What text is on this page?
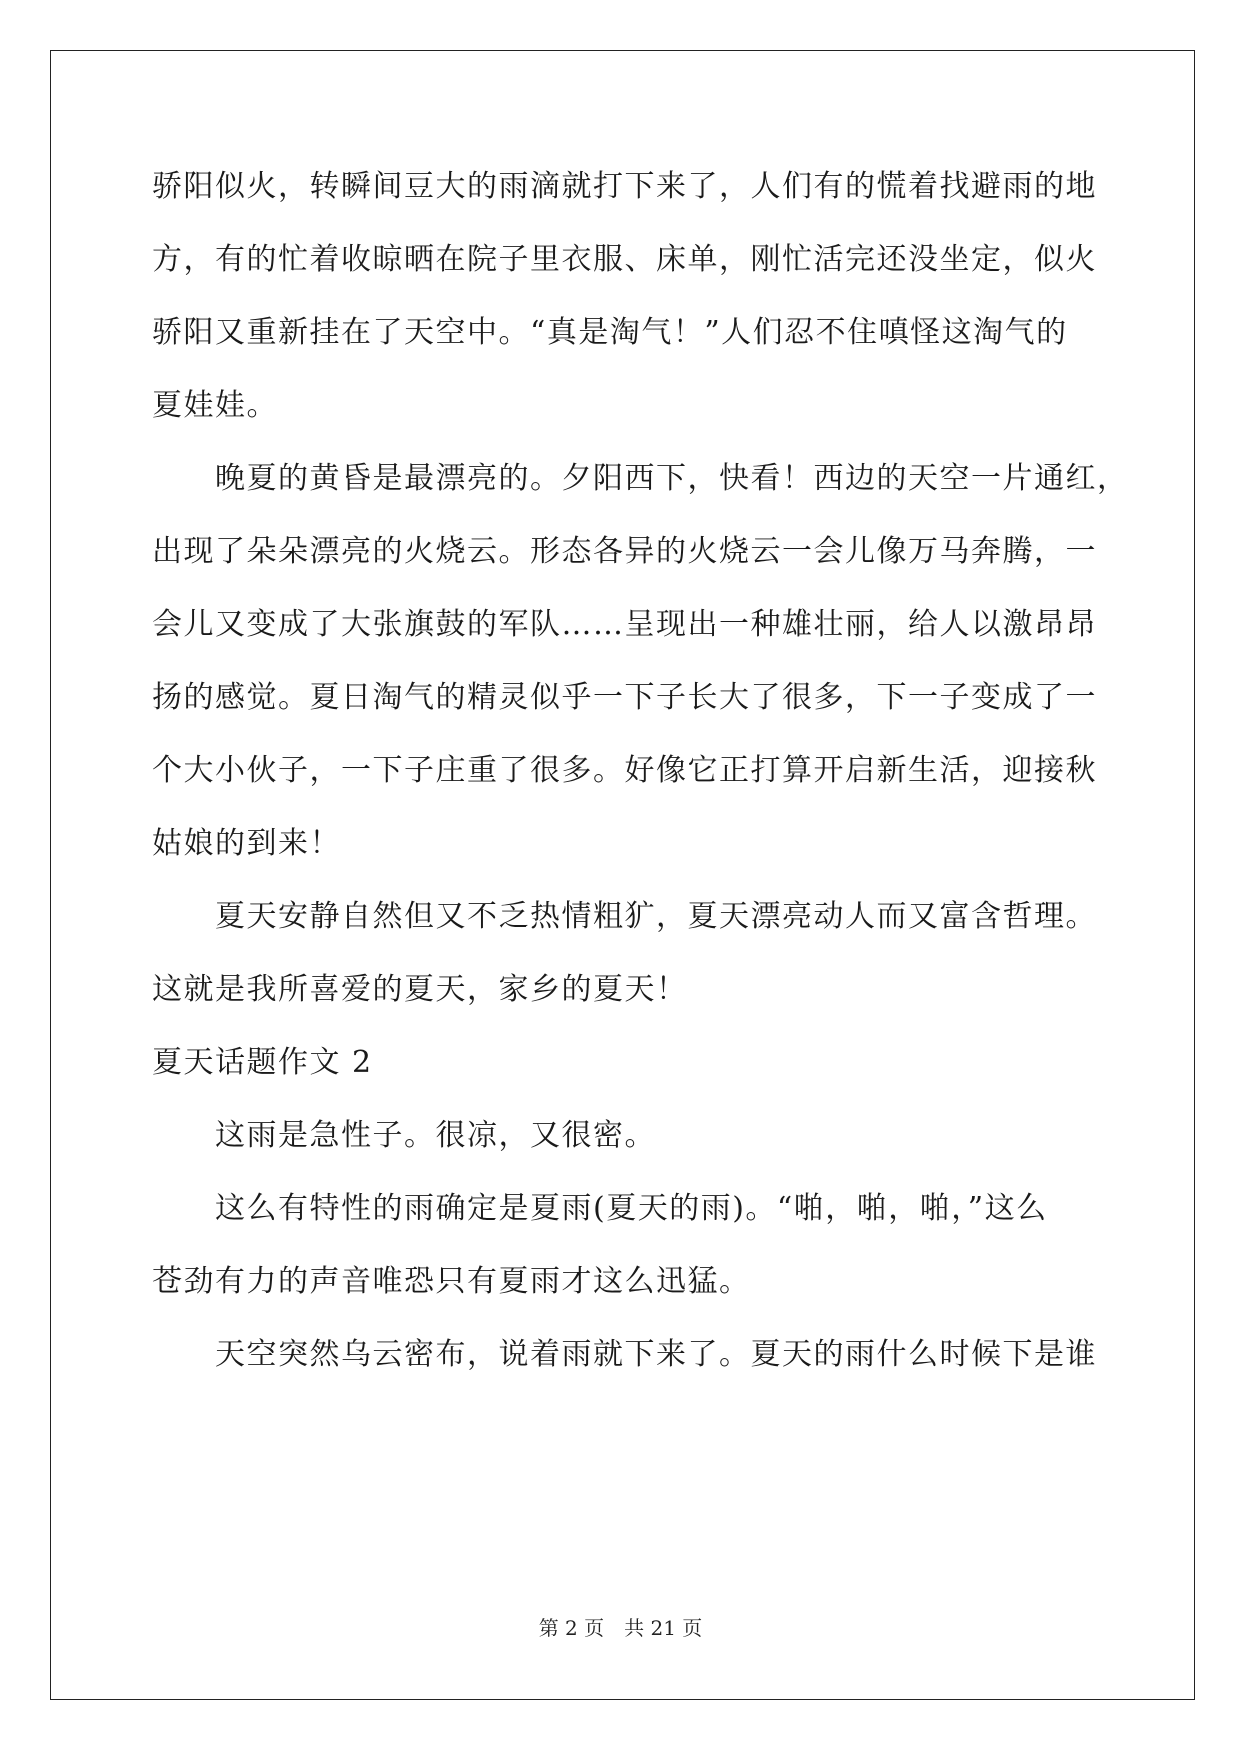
骄阳似火，转瞬间豆大的雨滴就打下来了，人们有的慌着找避雨的地
方，有的忙着收晾晒在院子里衣服、床单，刚忙活完还没坐定，似火
骄阳又重新挂在了天空中。“真是淘气！”人们忍不住嗔怪这淘气的
夏娃娃。
　　晚夏的黄昏是最漂亮的。夕阳西下，快看！西边的天空一片通红，
出现了朵朵漂亮的火烧云。形态各异的火烧云一会儿像万马奔腾，一
会儿又变成了大张旗鼓的军队……呈现出一种雄壮丽，给人以激昂昂
扬的感觉。夏日淘气的精灵似乎一下子长大了很多，下一子变成了一
个大小伙子，一下子庄重了很多。好像它正打算开启新生活，迎接秋
姑娘的到来！
　　夏天安静自然但又不乏热情粗犷，夏天漂亮动人而又富含哲理。
这就是我所喜爱的夏天，家乡的夏天！
夏天话题作文 2
　　这雨是急性子。很凉，又很密。
　　这么有特性的雨确定是夏雨(夏天的雨)。“啪，啪，啪，”这么
苍劲有力的声音唯恐只有夏雨才这么迅猛。
　　天空突然乌云密布，说着雨就下来了。夏天的雨什么时候下是谁
第 2 页　共 21 页
